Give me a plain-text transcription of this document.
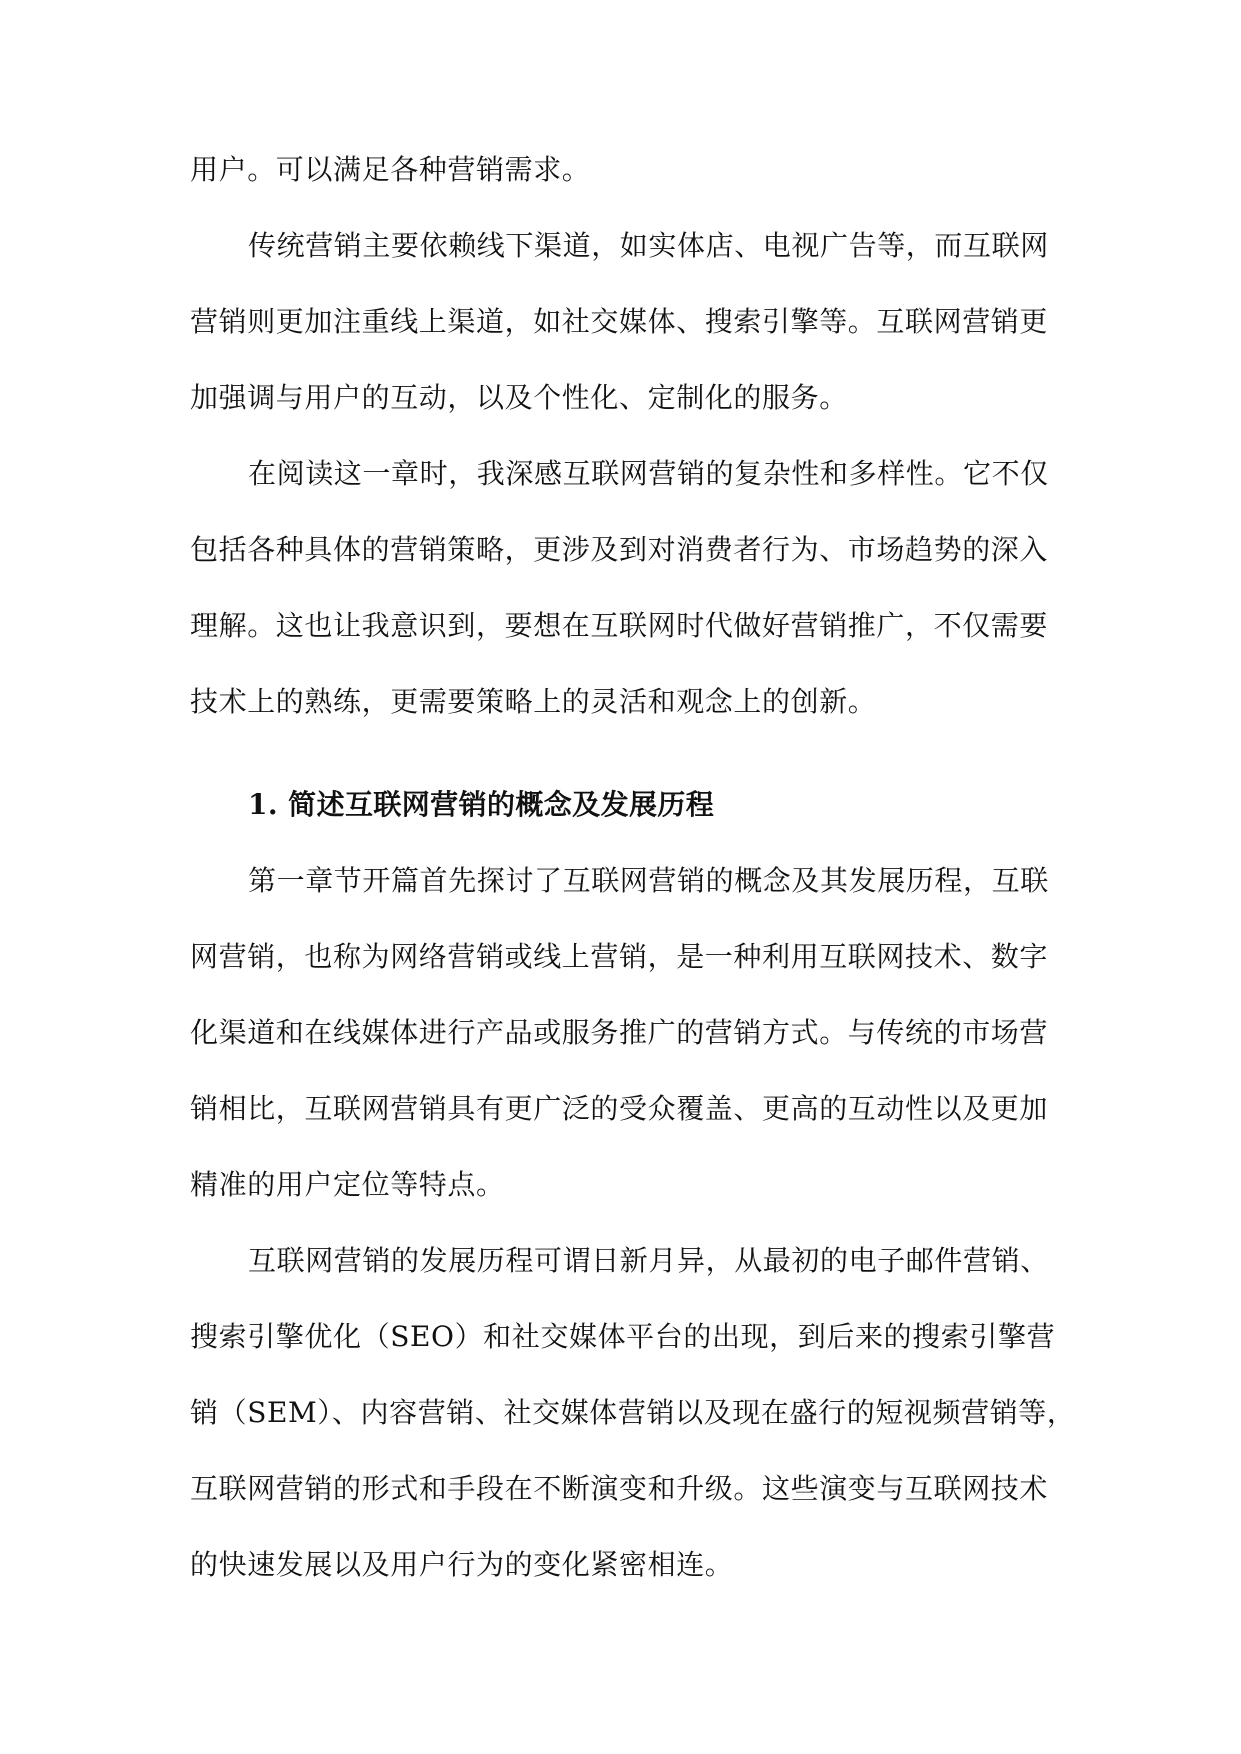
用户。可以满足各种营销需求。
传统营销主要依赖线下渠道，如实体店、电视广告等，而互联网
营销则更加注重线上渠道，如社交媒体、搜索引擎等。互联网营销更
加强调与用户的互动，以及个性化、定制化的服务。
在阅读这一章时，我深感互联网营销的复杂性和多样性。它不仅
包括各种具体的营销策略，更涉及到对消费者行为、市场趋势的深入
理解。这也让我意识到，要想在互联网时代做好营销推广，不仅需要
技术上的熟练，更需要策略上的灵活和观念上的创新。
1. 简述互联网营销的概念及发展历程
第一章节开篇首先探讨了互联网营销的概念及其发展历程，互联
网营销，也称为网络营销或线上营销，是一种利用互联网技术、数字
化渠道和在线媒体进行产品或服务推广的营销方式。与传统的市场营
销相比，互联网营销具有更广泛的受众覆盖、更高的互动性以及更加
精准的用户定位等特点。
互联网营销的发展历程可谓日新月异，从最初的电子邮件营销、
搜索引擎优化（SEO）和社交媒体平台的出现，到后来的搜索引擎营
销（SEM）、内容营销、社交媒体营销以及现在盛行的短视频营销等，
互联网营销的形式和手段在不断演变和升级。这些演变与互联网技术
的快速发展以及用户行为的变化紧密相连。
